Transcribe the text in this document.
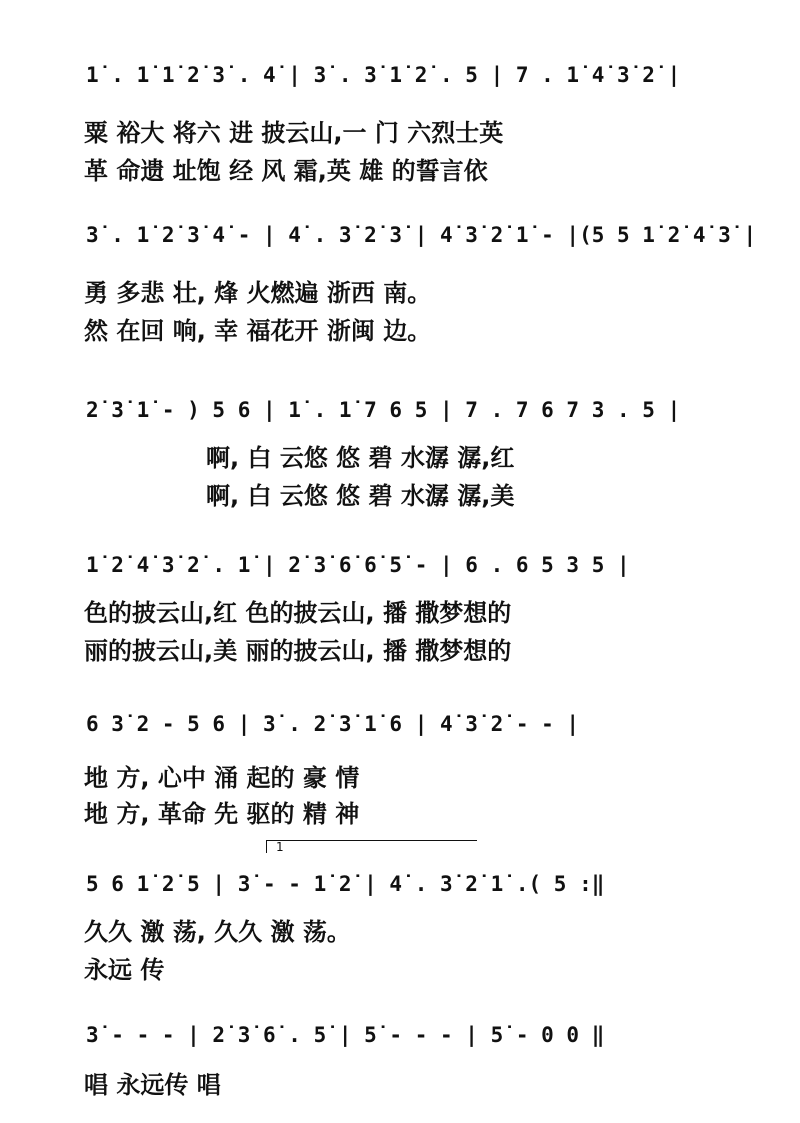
1̇ . 1̇ 1̇ 2̇ 3̇ . 4̇ | 3̇ . 3̇ 1̇ 2̇ . 5 | 7 . 1̇ 4̇ 3̇ 2̇ |
粟 裕大 将六 进 披云山,一 门 六烈士英
革 命遗 址饱 经 风 霜,英 雄 的誓言依
3̇ . 1̇ 2̇ 3̇ 4̇ - | 4̇ . 3̇ 2̇ 3̇ | 4̇ 3̇ 2̇ 1̇ - |(5 5 1̇ 2̇ 4̇ 3̇ |
勇 多悲 壮, 烽 火燃遍 浙西 南。
然 在回 响, 幸 福花开 浙闽 边。
2̇ 3̇ 1̇ - ) 5 6 | 1̇ . 1̇ 7 6 5 | 7 . 7 6 7 3 . 5 |
啊, 白 云悠 悠 碧 水潺 潺,红
啊, 白 云悠 悠 碧 水潺 潺,美
1̇ 2̇ 4̇ 3̇ 2̇ . 1̇ | 2̇ 3̇ 6̇ 6̇ 5̇ - | 6 . 6 5 3 5 |
色的披云山,红 色的披云山, 播 撒梦想的
丽的披云山,美 丽的披云山, 播 撒梦想的
6 3̇ 2 - 5 6 | 3̇ . 2̇ 3̇ 1̇ 6 | 4̇ 3̇ 2̇ - - |
地 方, 心中 涌 起的 豪 情
地 方, 革命 先 驱的 精 神
1
5 6 1̇ 2̇ 5 | 3̇ - - 1̇ 2̇ | 4̇ . 3̇ 2̇ 1̇ .( 5 :‖
久久 激 荡, 久久 激 荡。
永远 传
3̇ - - - | 2̇ 3̇ 6̇ . 5̇ | 5̇ - - - | 5̇ - 0 0 ‖
唱 永远传 唱
